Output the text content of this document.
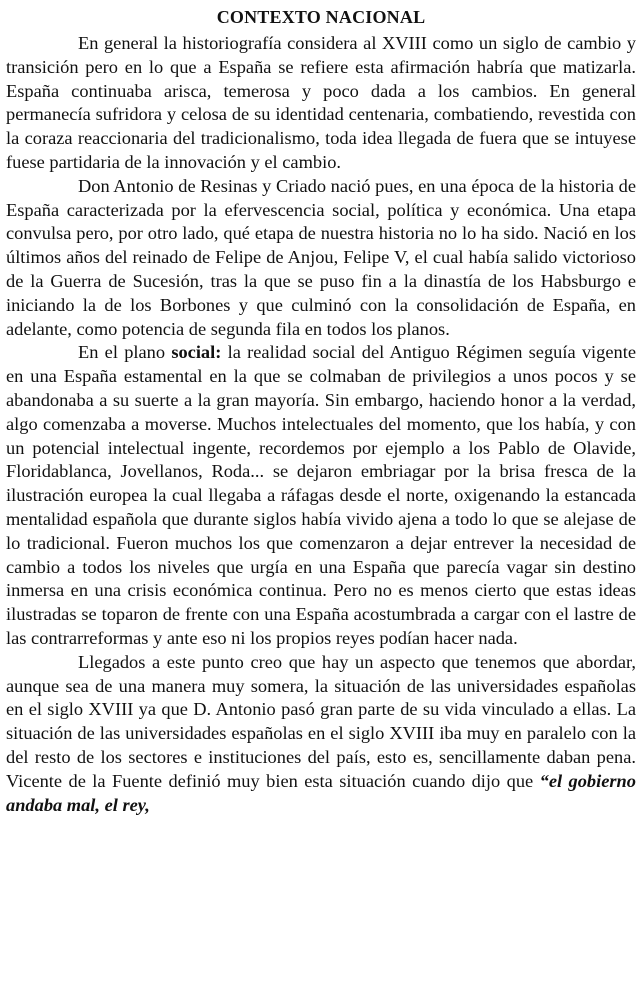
CONTEXTO NACIONAL

En general la historiografía considera al XVIII como un siglo de cambio y transición pero en lo que a España se refiere esta afirmación habría que matizarla. España continuaba arisca, temerosa y poco dada a los cambios. En general permanecía sufridora y celosa de su identidad centenaria, combatiendo, revestida con la coraza reaccionaria del tradicionalismo, toda idea llegada de fuera que se intuyese fuese partidaria de la innovación y el cambio.

Don Antonio de Resinas y Criado nació pues, en una época de la historia de España caracterizada por la efervescencia social, política y económica. Una etapa convulsa pero, por otro lado, qué etapa de nuestra historia no lo ha sido. Nació en los últimos años del reinado de Felipe de Anjou, Felipe V, el cual había salido victorioso de la Guerra de Sucesión, tras la que se puso fin a la dinastía de los Habsburgo e iniciando la de los Borbones y que culminó con la consolidación de España, en adelante, como potencia de segunda fila en todos los planos.

En el plano social: la realidad social del Antiguo Régimen seguía vigente en una España estamental en la que se colmaban de privilegios a unos pocos y se abandonaba a su suerte a la gran mayoría. Sin embargo, haciendo honor a la verdad, algo comenzaba a moverse. Muchos intelectuales del momento, que los había, y con un potencial intelectual ingente, recordemos por ejemplo a los Pablo de Olavide, Floridablanca, Jovellanos, Roda... se dejaron embriagar por la brisa fresca de la ilustración europea la cual llegaba a ráfagas desde el norte, oxigenando la estancada mentalidad española que durante siglos había vivido ajena a todo lo que se alejase de lo tradicional. Fueron muchos los que comenzaron a dejar entrever la necesidad de cambio a todos los niveles que urgía en una España que parecía vagar sin destino inmersa en una crisis económica continua. Pero no es menos cierto que estas ideas ilustradas se toparon de frente con una España acostumbrada a cargar con el lastre de las contrarreformas y ante eso ni los propios reyes podían hacer nada.

Llegados a este punto creo que hay un aspecto que tenemos que abordar, aunque sea de una manera muy somera, la situación de las universidades españolas en el siglo XVIII ya que D. Antonio pasó gran parte de su vida vinculado a ellas. La situación de las universidades españolas en el siglo XVIII iba muy en paralelo con la del resto de los sectores e instituciones del país, esto es, sencillamente daban pena. Vicente de la Fuente definió muy bien esta situación cuando dijo que “el gobierno andaba mal, el rey,
